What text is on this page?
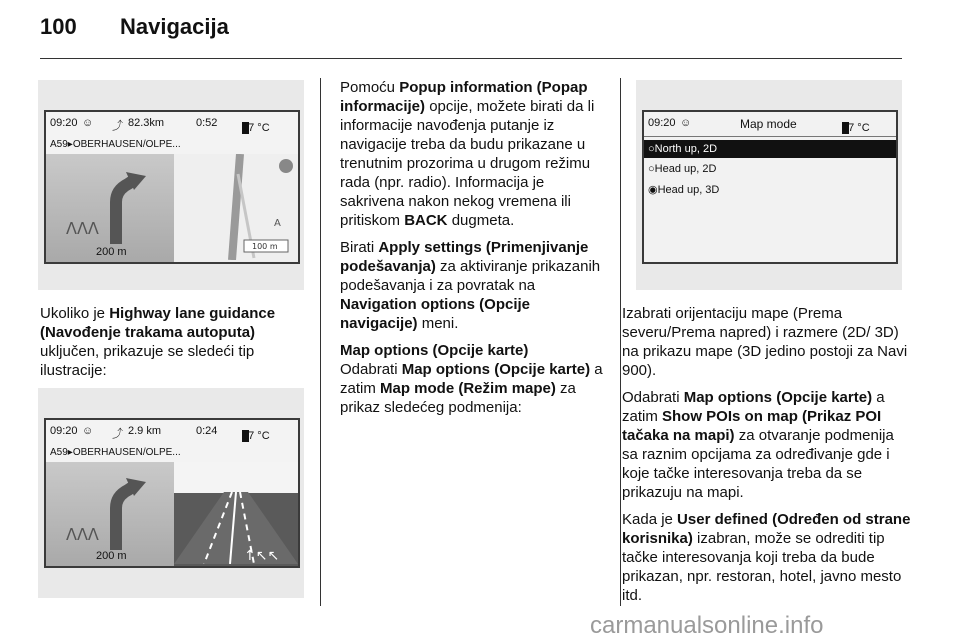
100 Navigacija
09:20 ☺ ⤴ 82.3km	0:52 17 °C
A59▸OBERHAUSEN/OLPE...
ᐱᐱᐱ
200 m	100 m
A

Ukoliko je Highway lane guidance (Navođenje trakama autoputa) uključen, prikazuje se sledeći tip ilustracije:

09:20 ☺ ⤴ 2.9 km	0:24 17 °C
A59▸OBERHAUSEN/OLPE...
ᐱᐱᐱ
200 m	↑↖↖

Pomoću Popup information (Popap informacije) opcije, možete birati da li informacije navođenja putanje iz navigacije treba da budu prikazane u trenutnim prozorima u drugom režimu rada (npr. radio). Informacija je sakrivena nakon nekog vremena ili pritiskom BACK dugmeta.

Birati Apply settings (Primenjivanje podešavanja) za aktiviranje prikazanih podešavanja i za povratak na Navigation options (Opcije navigacije) meni.

Map options (Opcije karte)

Odabrati Map options (Opcije karte) a zatim Map mode (Režim mape) za prikaz sledećeg podmenija:

09:20 ☺	Map mode	17 °C
○North up, 2D
○Head up, 2D
◉Head up, 3D

Izabrati orijentaciju mape (Prema severu/Prema napred) i razmere (2D/ 3D) na prikazu mape (3D jedino postoji za Navi 900).

Odabrati Map options (Opcije karte) a zatim Show POIs on map (Prikaz POI tačaka na mapi) za otvaranje podmenija sa raznim opcijama za određivanje gde i koje tačke interesovanja treba da se prikazuju na mapi.

Kada je User defined (Određen od strane korisnika) izabran, može se odrediti tip tačke interesovanja koji treba da bude prikazan, npr. restoran, hotel, javno mesto itd.

carmanualsonline.info
